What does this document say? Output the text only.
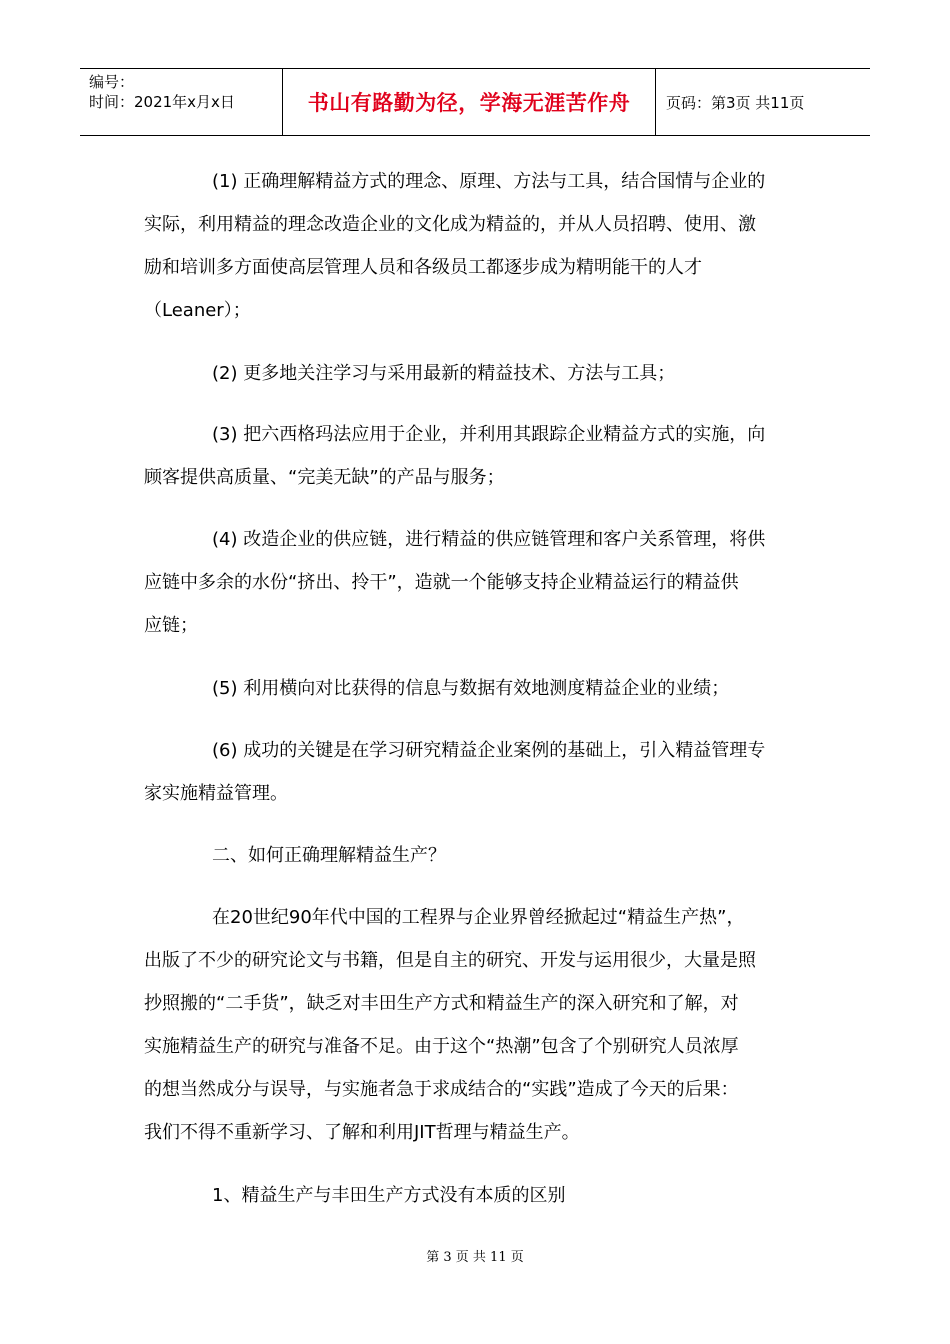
编号：
时间：2021年x月x日	书山有路勤为径，学海无涯苦作舟 页码：第3页 共11页

(1) 正确理解精益方式的理念、原理、方法与工具，结合国情与企业的

实际，利用精益的理念改造企业的文化成为精益的，并从人员招聘、使用、激

励和培训多方面使高层管理人员和各级员工都逐步成为精明能干的人才

（Leaner）；

(2) 更多地关注学习与采用最新的精益技术、方法与工具；

(3) 把六西格玛法应用于企业，并利用其跟踪企业精益方式的实施，向

顾客提供高质量、“完美无缺”的产品与服务；

(4) 改造企业的供应链，进行精益的供应链管理和客户关系管理，将供

应链中多余的水份“挤出、拎干”，造就一个能够支持企业精益运行的精益供

应链；

(5) 利用横向对比获得的信息与数据有效地测度精益企业的业绩；

(6) 成功的关键是在学习研究精益企业案例的基础上，引入精益管理专

家实施精益管理。

二、如何正确理解精益生产？

在20世纪90年代中国的工程界与企业界曾经掀起过“精益生产热”，

出版了不少的研究论文与书籍，但是自主的研究、开发与运用很少，大量是照

抄照搬的“二手货”，缺乏对丰田生产方式和精益生产的深入研究和了解，对

实施精益生产的研究与准备不足。由于这个“热潮”包含了个别研究人员浓厚

的想当然成分与误导，与实施者急于求成结合的“实践”造成了今天的后果：

我们不得不重新学习、了解和利用JIT哲理与精益生产。

1、精益生产与丰田生产方式没有本质的区别

第 3 页 共 11 页
